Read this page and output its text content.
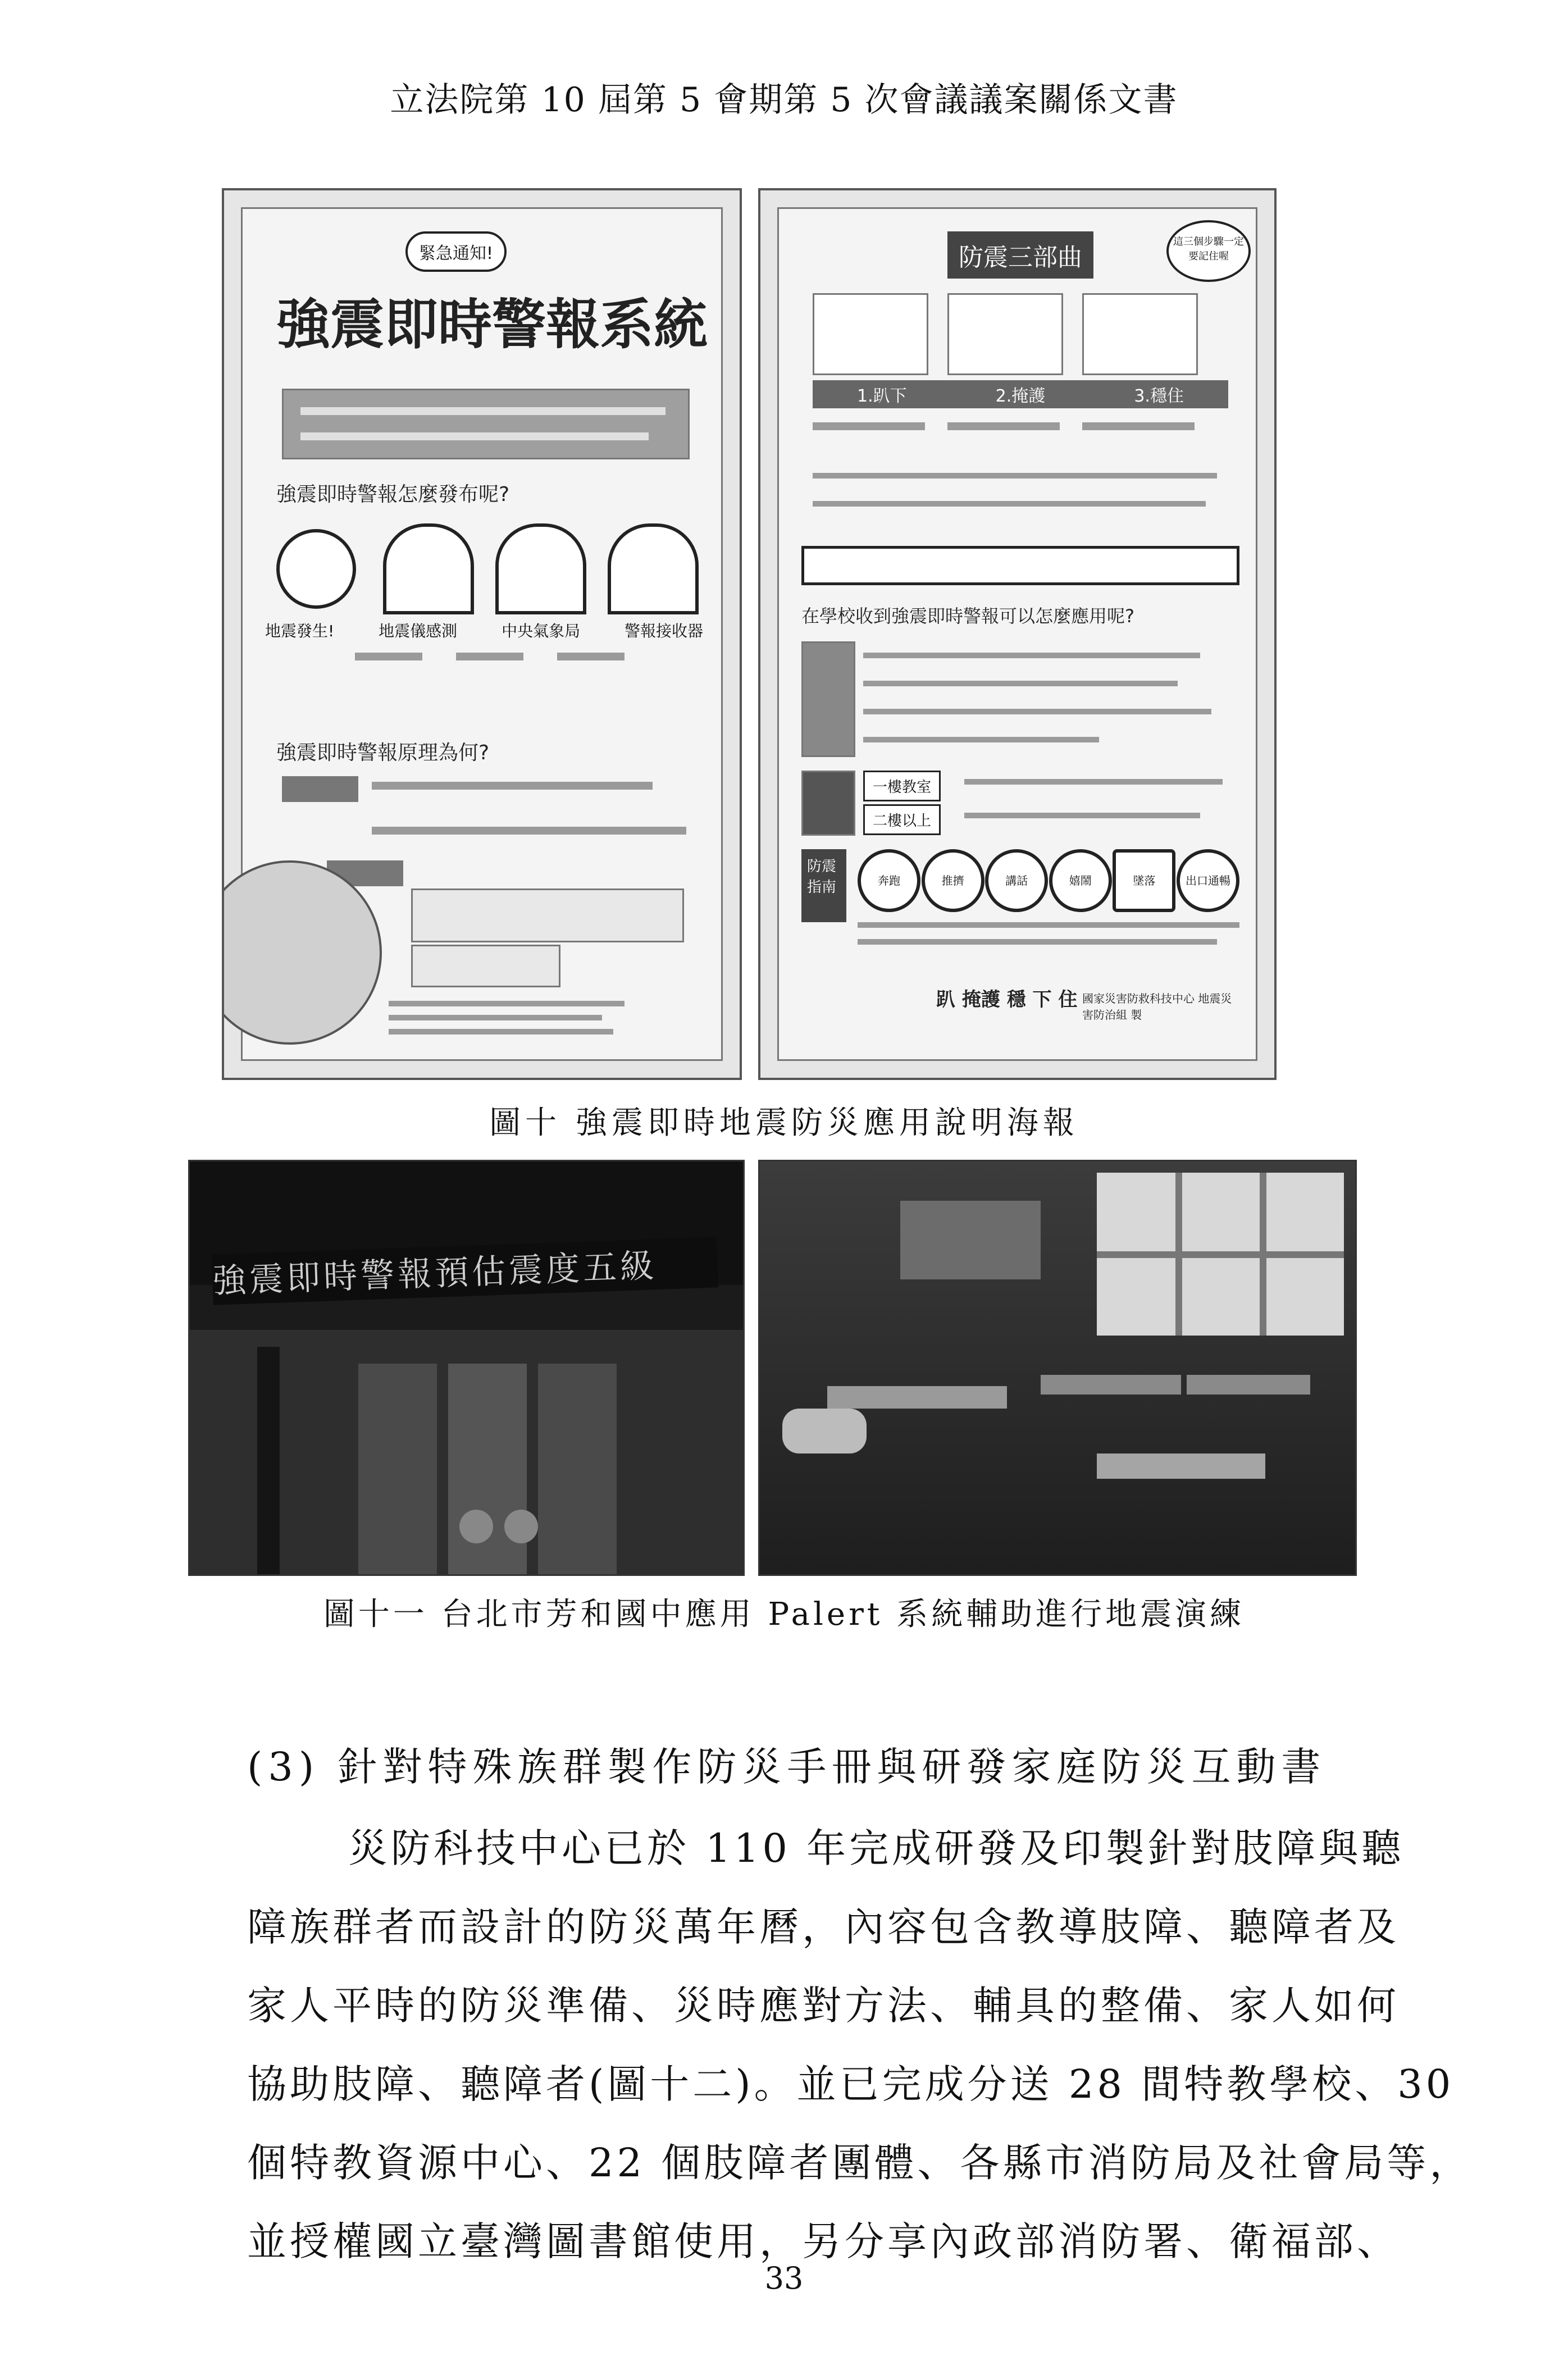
立法院第 10 屆第 5 會期第 5 次會議議案關係文書
緊急通知!
強震即時警報系統
強震即時警報怎麼發布呢?
地震發生!	地震儀感測	中央氣象局	警報接收器
強震即時警報原理為何?
防震三部曲
這三個步驟一定要記住喔
1.趴下	2.掩護	3.穩住
在學校收到強震即時警報可以怎麼應用呢?
一樓教室
二樓以上
防震指南	奔跑	推擠	講話	嬉鬧	墜落	出口通暢
趴 掩護 穩 下 住 國家災害防救科技中心 地震災害防治組 製
圖十 強震即時地震防災應用說明海報
強震即時警報預估震度五級
圖十一 台北市芳和國中應用 Palert 系統輔助進行地震演練
(3) 針對特殊族群製作防災手冊與研發家庭防災互動書
災防科技中心已於 110 年完成研發及印製針對肢障與聽
障族群者而設計的防災萬年曆，內容包含教導肢障、聽障者及
家人平時的防災準備、災時應對方法、輔具的整備、家人如何
協助肢障、聽障者(圖十二)。並已完成分送 28 間特教學校、30
個特教資源中心、22 個肢障者團體、各縣市消防局及社會局等，
並授權國立臺灣圖書館使用，另分享內政部消防署、衛福部、
33
